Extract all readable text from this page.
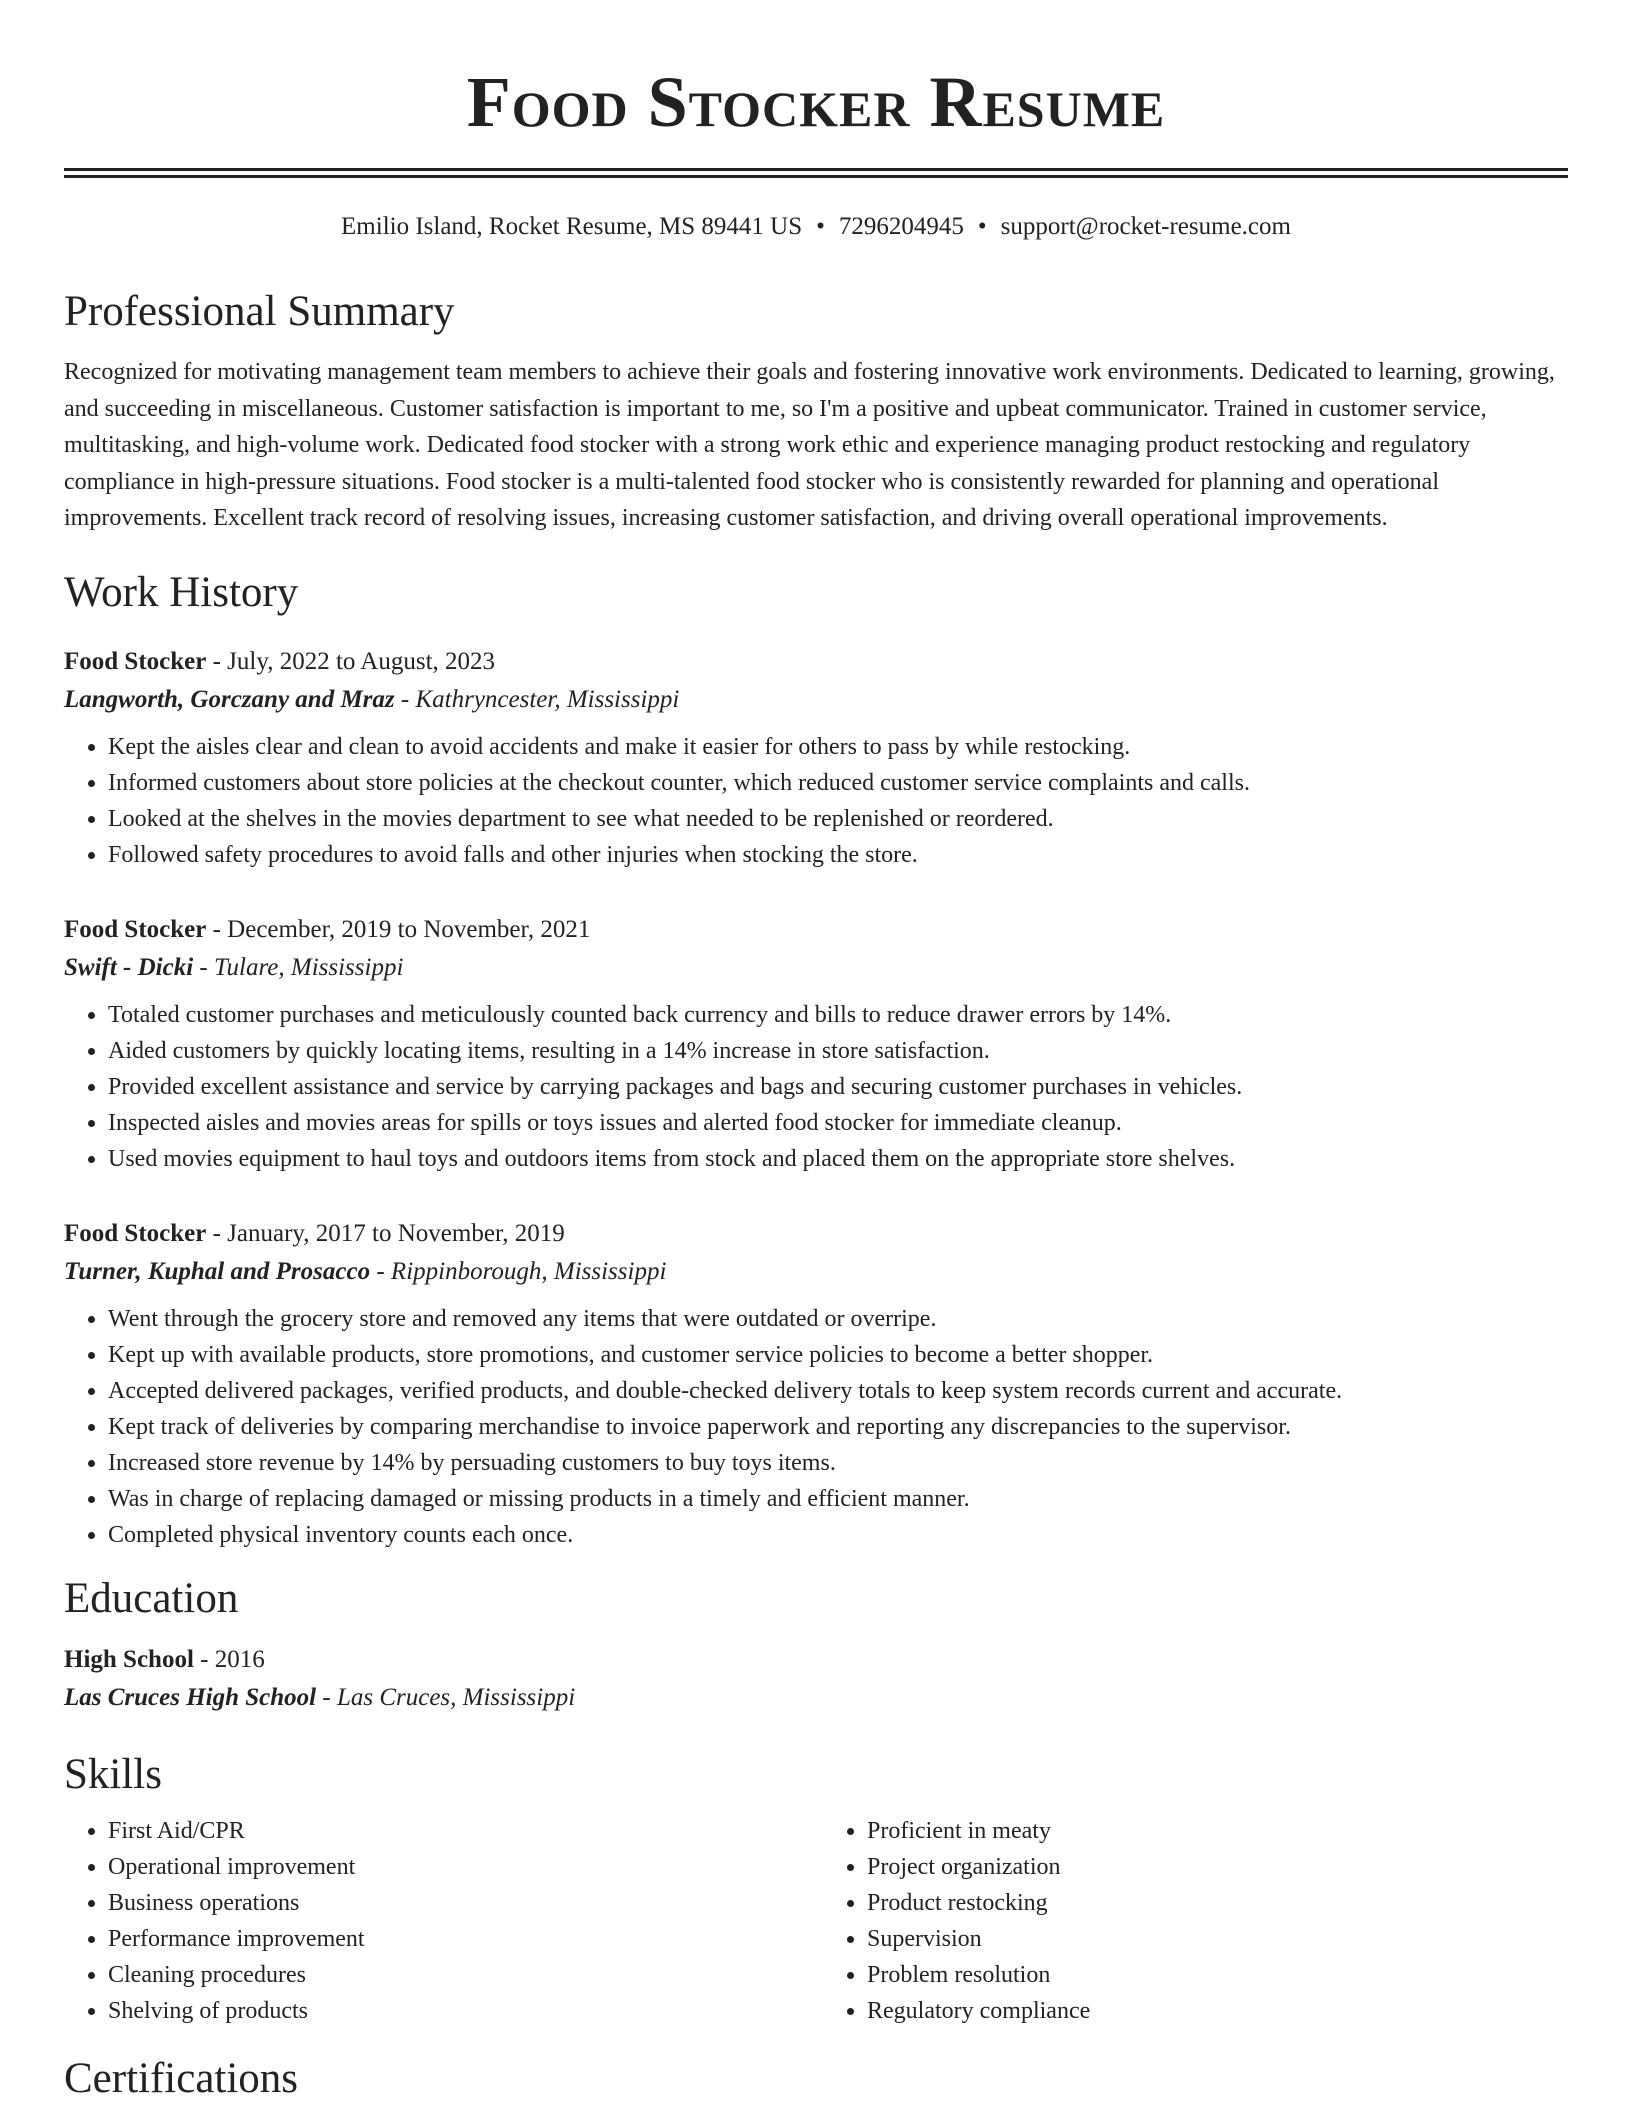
Food Stocker Resume
Emilio Island, Rocket Resume, MS 89441 US • 7296204945 • support@rocket-resume.com
Professional Summary

Recognized for motivating management team members to achieve their goals and fostering innovative work environments. Dedicated to learning, growing, and succeeding in miscellaneous. Customer satisfaction is important to me, so I'm a positive and upbeat communicator. Trained in customer service, multitasking, and high-volume work. Dedicated food stocker with a strong work ethic and experience managing product restocking and regulatory compliance in high-pressure situations. Food stocker is a multi-talented food stocker who is consistently rewarded for planning and operational improvements. Excellent track record of resolving issues, increasing customer satisfaction, and driving overall operational improvements.

Work History
Food Stocker - July, 2022 to August, 2023
Langworth, Gorczany and Mraz - Kathryncester, Mississippi
• Kept the aisles clear and clean to avoid accidents and make it easier for others to pass by while restocking.
• Informed customers about store policies at the checkout counter, which reduced customer service complaints and calls.
• Looked at the shelves in the movies department to see what needed to be replenished or reordered.
• Followed safety procedures to avoid falls and other injuries when stocking the store.
Food Stocker - December, 2019 to November, 2021
Swift - Dicki - Tulare, Mississippi
• Totaled customer purchases and meticulously counted back currency and bills to reduce drawer errors by 14%.
• Aided customers by quickly locating items, resulting in a 14% increase in store satisfaction.
• Provided excellent assistance and service by carrying packages and bags and securing customer purchases in vehicles.
• Inspected aisles and movies areas for spills or toys issues and alerted food stocker for immediate cleanup.
• Used movies equipment to haul toys and outdoors items from stock and placed them on the appropriate store shelves.
Food Stocker - January, 2017 to November, 2019
Turner, Kuphal and Prosacco - Rippinborough, Mississippi
• Went through the grocery store and removed any items that were outdated or overripe.
• Kept up with available products, store promotions, and customer service policies to become a better shopper.
• Accepted delivered packages, verified products, and double-checked delivery totals to keep system records current and accurate.
• Kept track of deliveries by comparing merchandise to invoice paperwork and reporting any discrepancies to the supervisor.
• Increased store revenue by 14% by persuading customers to buy toys items.
• Was in charge of replacing damaged or missing products in a timely and efficient manner.
• Completed physical inventory counts each once.
Education
High School - 2016
Las Cruces High School - Las Cruces, Mississippi
Skills
• First Aid/CPR
• Operational improvement
• Business operations
• Performance improvement
• Cleaning procedures
• Shelving of products
• Proficient in meaty
• Project organization
• Product restocking
• Supervision
• Problem resolution
• Regulatory compliance
Certifications
